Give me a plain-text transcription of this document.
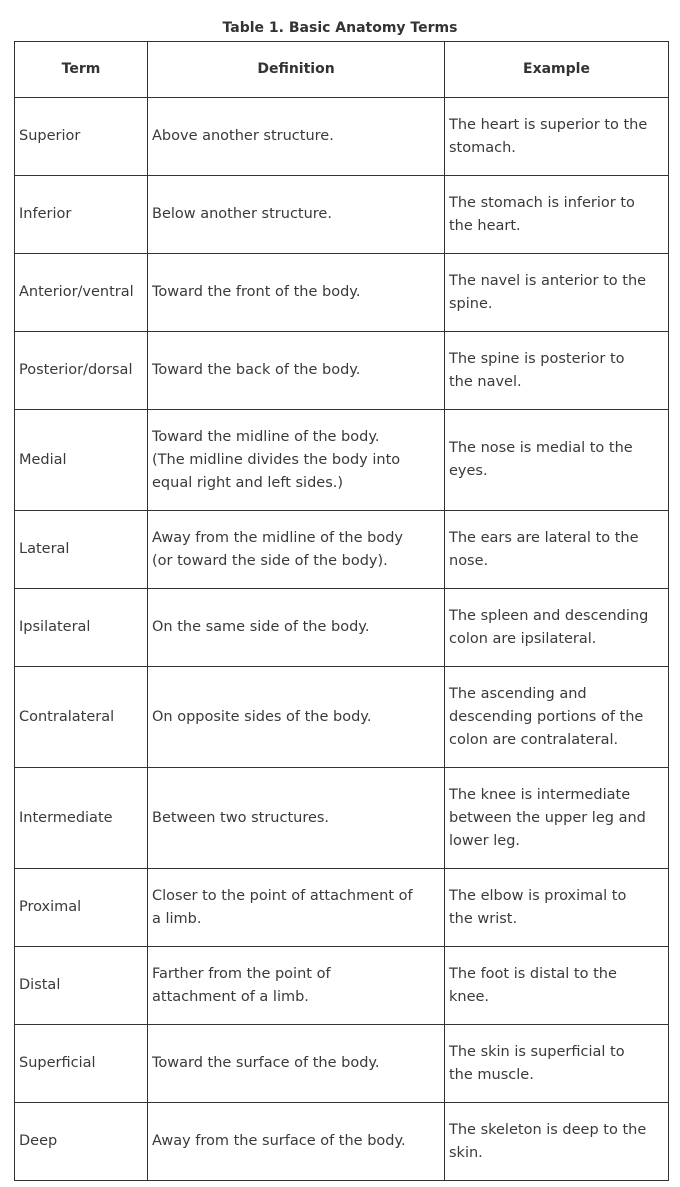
Table 1. Basic Anatomy Terms
Term	Definition	Example
Superior	Above another structure.	The heart is superior to the
stomach.

Inferior	Below another structure.	The stomach is inferior to
the heart.

Anterior/ventral	Toward the front of the body.	The navel is anterior to the
spine.

Posterior/dorsal	Toward the back of the body.	The spine is posterior to
the navel.

Medial	Toward the midline of the body.
(The midline divides the body into
equal right and left sides.)	The nose is medial to the
eyes.

Lateral	Away from the midline of the body
(or toward the side of the body).	The ears are lateral to the
nose.

Ipsilateral	On the same side of the body.	The spleen and descending
colon are ipsilateral.

Contralateral	On opposite sides of the body.	The ascending and
descending portions of the
colon are contralateral.

Intermediate	Between two structures.	The knee is intermediate
between the upper leg and
lower leg.

Proximal	Closer to the point of attachment of
a limb.	The elbow is proximal to
the wrist.

Distal	Farther from the point of
attachment of a limb.	The foot is distal to the
knee.

Superficial	Toward the surface of the body.	The skin is superficial to
the muscle.

Deep	Away from the surface of the body.	The skeleton is deep to the
skin.
